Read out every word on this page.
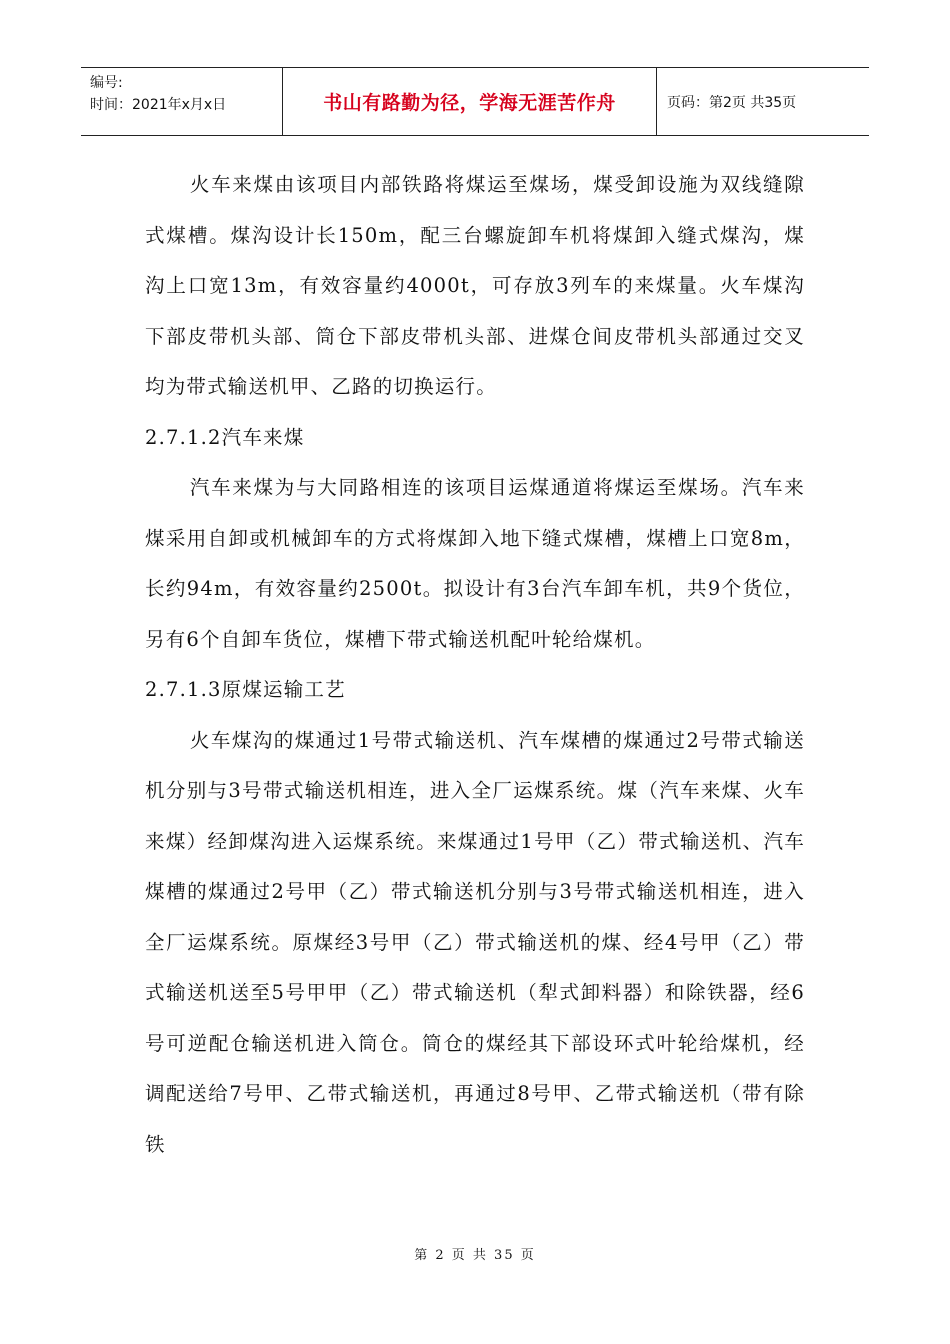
编号:
时间：2021年x月x日	书山有路勤为径，学海无涯苦作舟	页码：第2页 共35页

火车来煤由该项目内部铁路将煤运至煤场，煤受卸设施为双线缝隙式煤槽。煤沟设计长150m，配三台螺旋卸车机将煤卸入缝式煤沟，煤沟上口宽13m，有效容量约4000t，可存放3列车的来煤量。火车煤沟下部皮带机头部、筒仓下部皮带机头部、进煤仓间皮带机头部通过交叉均为带式输送机甲、乙路的切换运行。

2.7.1.2汽车来煤

汽车来煤为与大同路相连的该项目运煤通道将煤运至煤场。汽车来煤采用自卸或机械卸车的方式将煤卸入地下缝式煤槽，煤槽上口宽8m，长约94m，有效容量约2500t。拟设计有3台汽车卸车机，共9个货位，另有6个自卸车货位，煤槽下带式输送机配叶轮给煤机。

2.7.1.3原煤运输工艺

火车煤沟的煤通过1号带式输送机、汽车煤槽的煤通过2号带式输送机分别与3号带式输送机相连，进入全厂运煤系统。煤（汽车来煤、火车来煤）经卸煤沟进入运煤系统。来煤通过1号甲（乙）带式输送机、汽车煤槽的煤通过2号甲（乙）带式输送机分别与3号带式输送机相连，进入全厂运煤系统。原煤经3号甲（乙）带式输送机的煤、经4号甲（乙）带式输送机送至5号甲甲（乙）带式输送机（犁式卸料器）和除铁器，经6号可逆配仓输送机进入筒仓。筒仓的煤经其下部设环式叶轮给煤机，经调配送给7号甲、乙带式输送机，再通过8号甲、乙带式输送机（带有除铁

第 2 页 共 35 页
